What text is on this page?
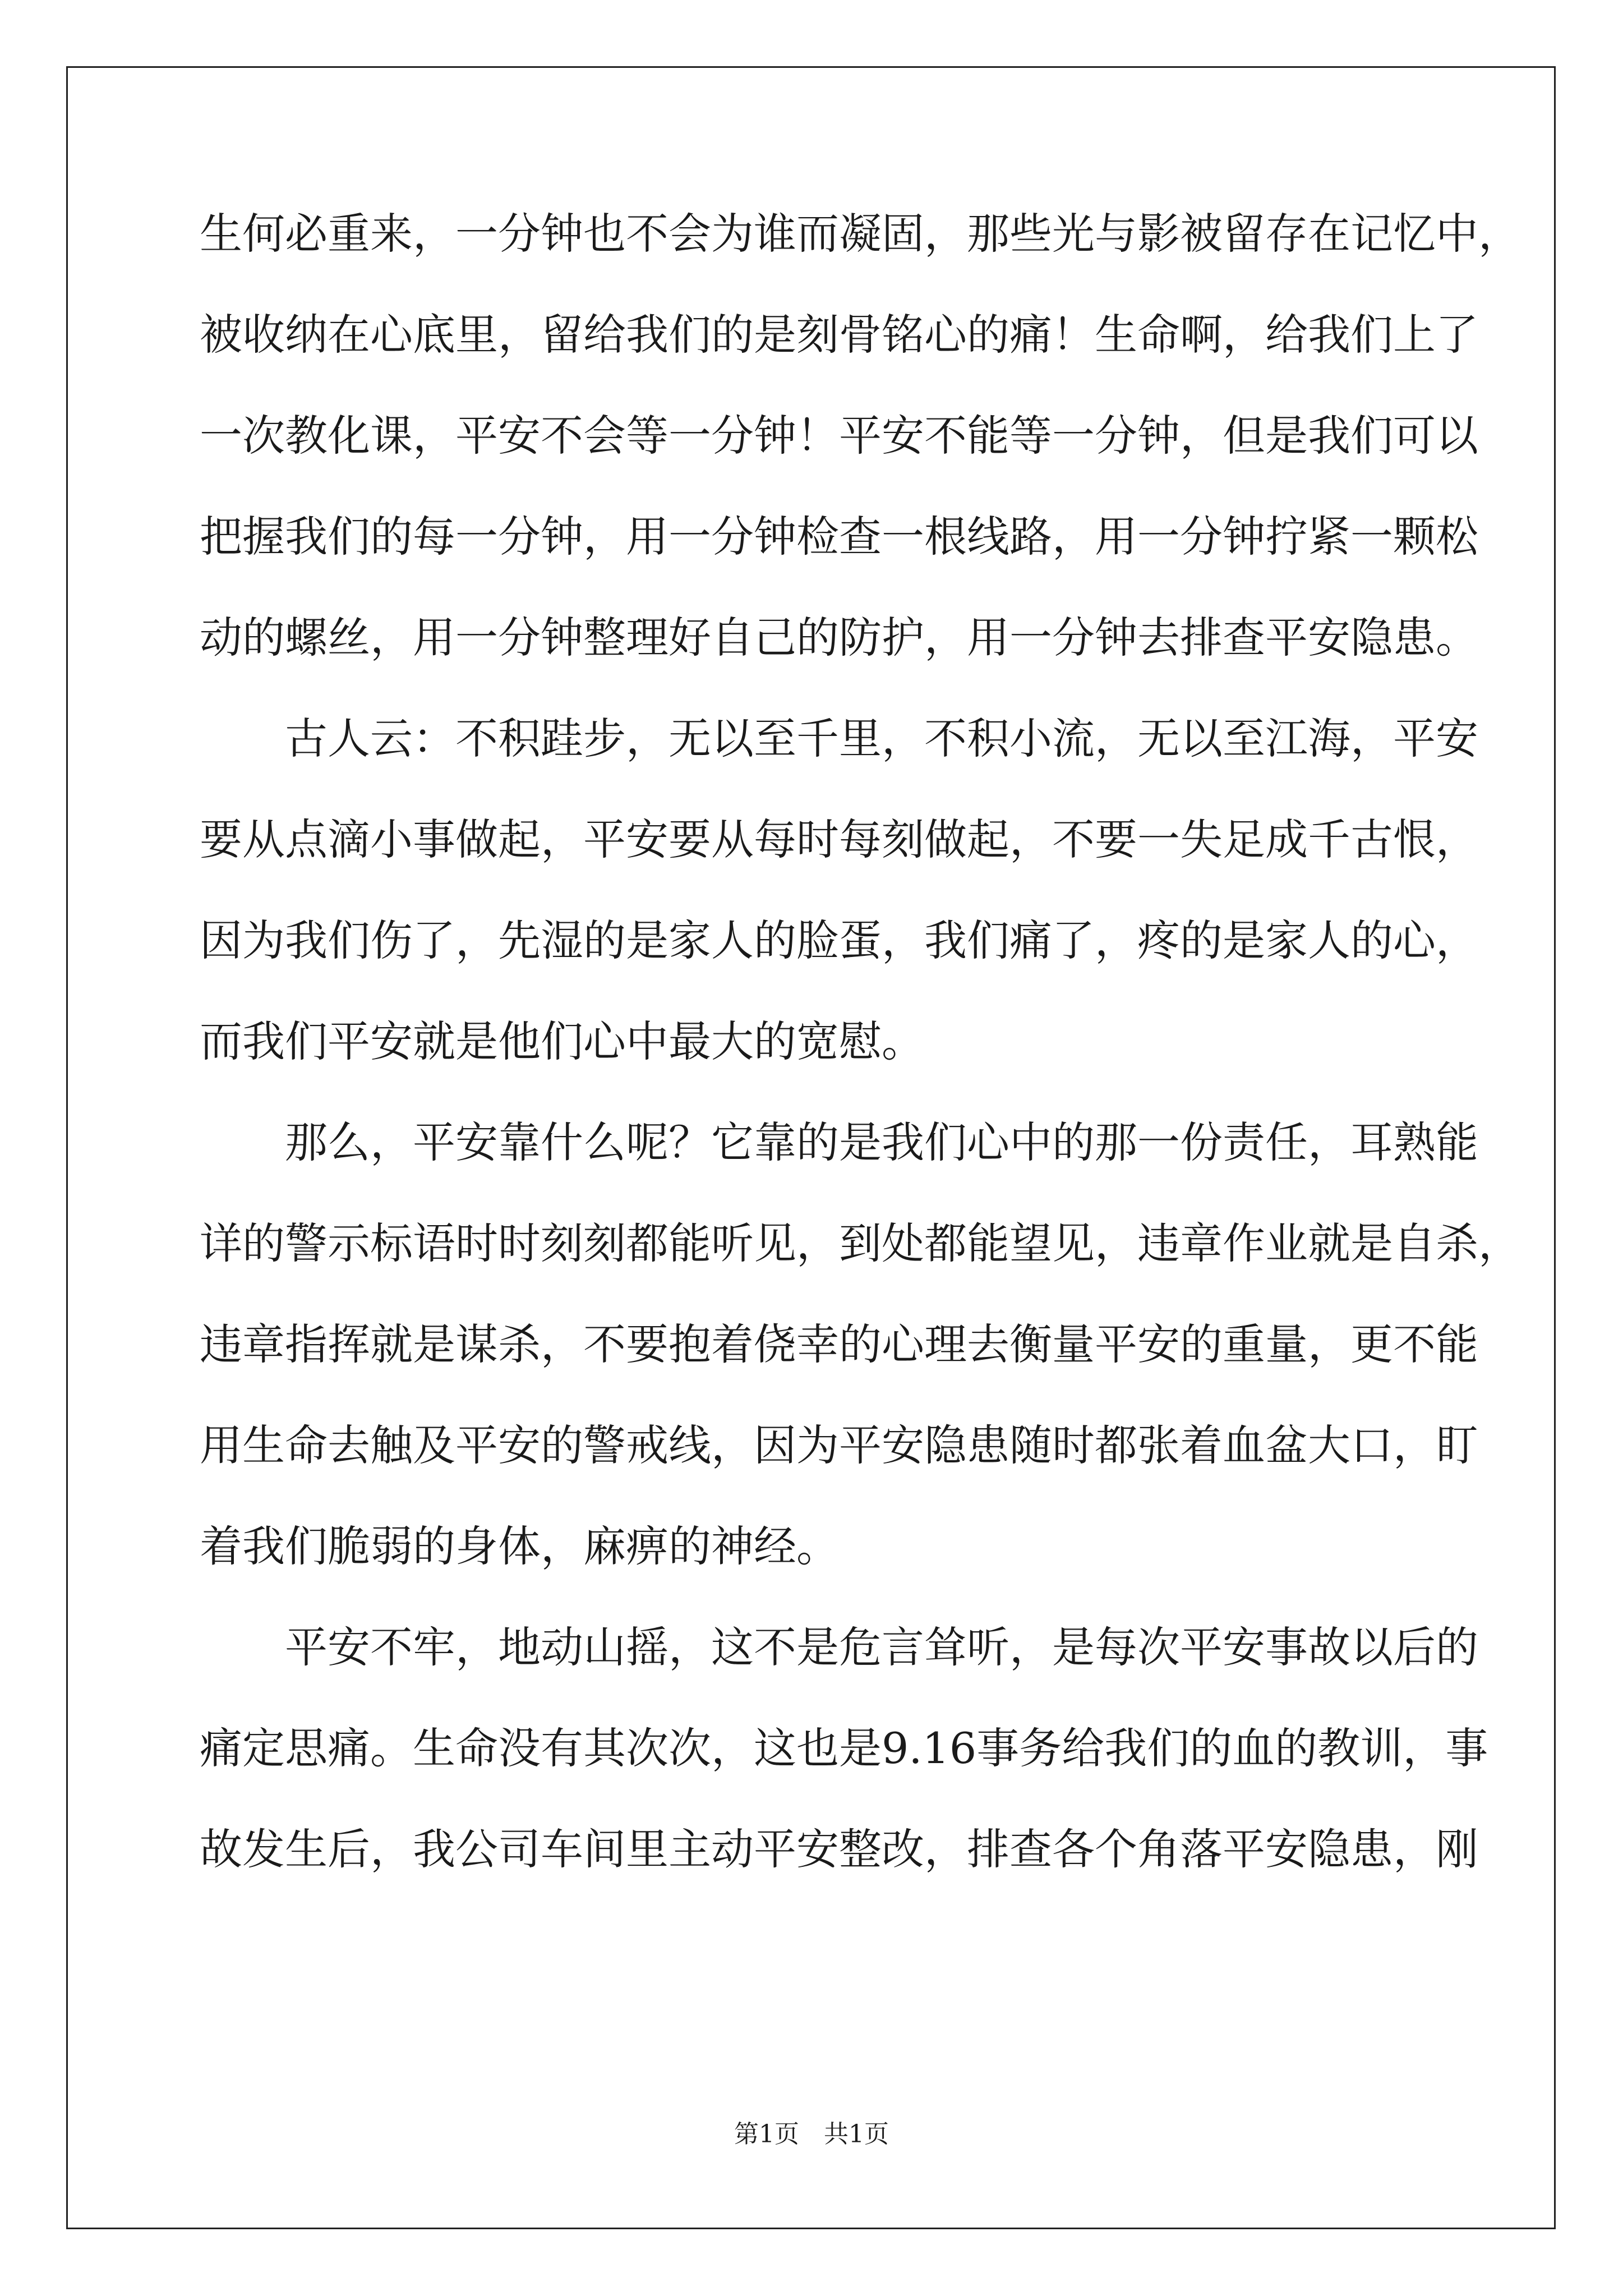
生何必重来，一分钟也不会为谁而凝固，那些光与影被留存在记忆中，
被收纳在心底里，留给我们的是刻骨铭心的痛！生命啊，给我们上了
一次教化课，平安不会等一分钟！平安不能等一分钟，但是我们可以
把握我们的每一分钟，用一分钟检查一根线路，用一分钟拧紧一颗松
动的螺丝，用一分钟整理好自己的防护，用一分钟去排查平安隐患。
　　古人云：不积跬步，无以至千里，不积小流，无以至江海，平安
要从点滴小事做起，平安要从每时每刻做起，不要一失足成千古恨，
因为我们伤了，先湿的是家人的脸蛋，我们痛了，疼的是家人的心，
而我们平安就是他们心中最大的宽慰。
　　那么，平安靠什么呢？它靠的是我们心中的那一份责任，耳熟能
详的警示标语时时刻刻都能听见，到处都能望见，违章作业就是自杀，
违章指挥就是谋杀，不要抱着侥幸的心理去衡量平安的重量，更不能
用生命去触及平安的警戒线，因为平安隐患随时都张着血盆大口，盯
着我们脆弱的身体，麻痹的神经。
　　平安不牢，地动山摇，这不是危言耸听，是每次平安事故以后的
痛定思痛。生命没有其次次，这也是9.16事务给我们的血的教训，事
故发生后，我公司车间里主动平安整改，排查各个角落平安隐患，刚
第1页　共1页
